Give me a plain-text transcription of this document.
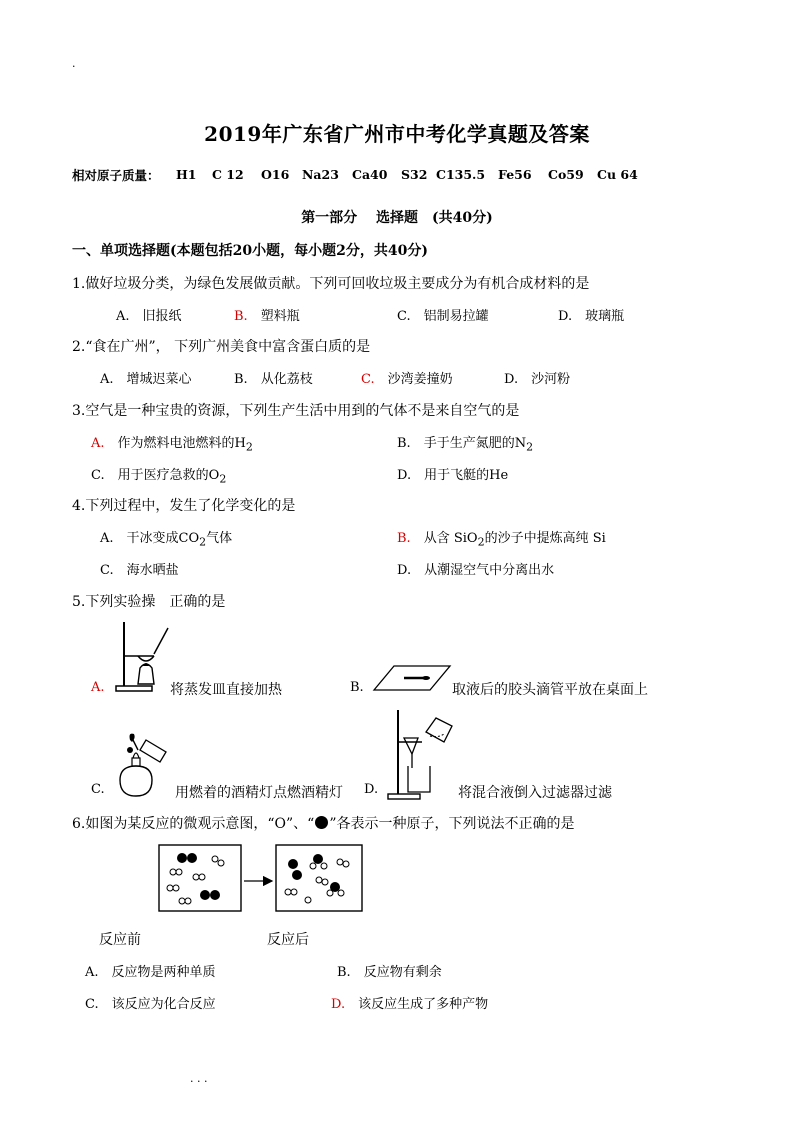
·
2019年广东省广州市中考化学真题及答案
相对原子质量： H1 C 12 O16 Na23 Ca40 S32 C135.5 Fe56 Co59 Cu 64
第一部分　 选择题　(共40分)
一、单项选择题(本题包括20小题，每小题2分，共40分)
1.做好垃圾分类，为绿色发展做贡献。下列可回收垃圾主要成分为有机合成材料的是
A.　 旧报纸	B.　 塑料瓶	C.　 铝制易拉罐	D.　 玻璃瓶
2.“食在广州”， 下列广州美食中富含蛋白质的是
A.　 增城迟菜心	B.　 从化荔枝	C.　 沙湾姜撞奶	D.　 沙河粉
3.空气是一种宝贵的资源，下列生产生活中用到的气体不是来自空气的是
A.　 作为燃料电池燃料的$H_2$	B.　 手于生产氮肥的$N_2$
C.　 用于医疗急救的$O_2$	D.　 用于飞艇的He
4.下列过程中，发生了化学变化的是
A.　 干冰变成$CO_2$气体	B.　 从含 SiO$_2$的沙子中提炼高纯 Si
C.　 海水晒盐	D.　 从潮湿空气中分离出水
5.下列实验操　正确的是
A.	将蒸发皿直接加热	B.	取液后的胶头滴管平放在桌面上
C.	用燃着的酒精灯点燃酒精灯 D.	将混合液倒入过滤器过滤
6.如图为某反应的微观示意图，“O”、“ ”各表示一种原子，下列说法不正确的是
反应前	反应后
A.　 反应物是两种单质	B.　 反应物有剩余
C.　 该反应为化合反应	D.　 该反应生成了多种产物
. . .
